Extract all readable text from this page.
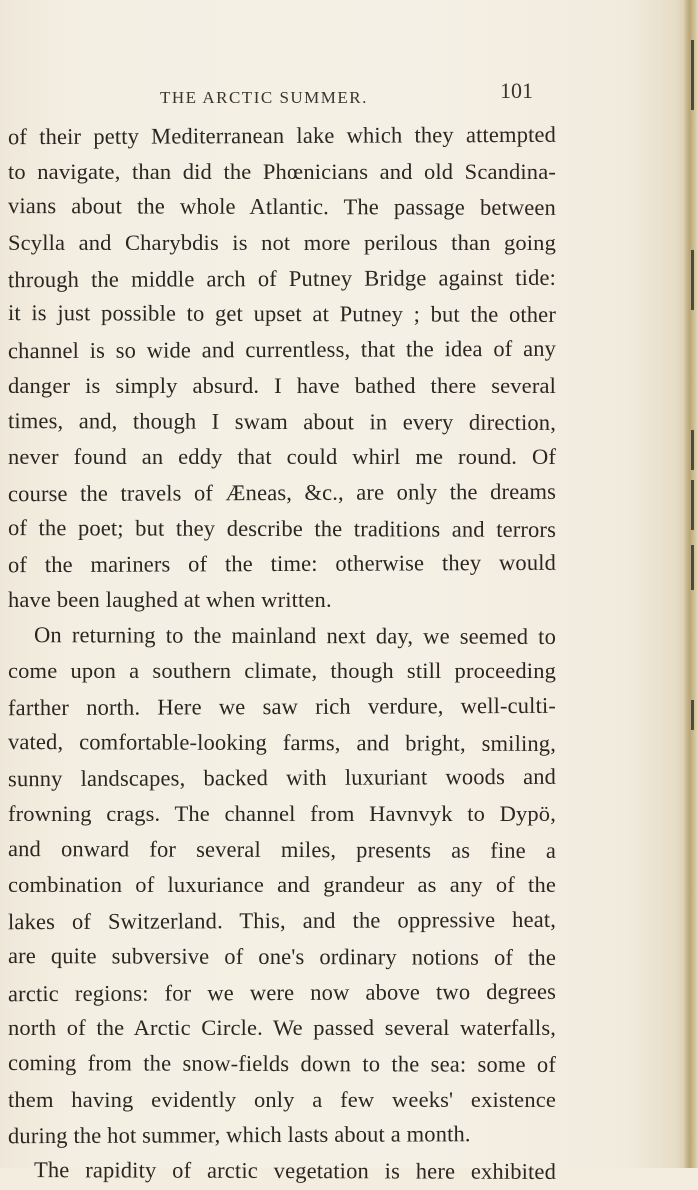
THE ARCTIC SUMMER.	101
of their petty Mediterranean lake which they attempted
to navigate, than did the Phœnicians and old Scandina-
vians about the whole Atlantic. The passage between
Scylla and Charybdis is not more perilous than going
through the middle arch of Putney Bridge against tide:
it is just possible to get upset at Putney ; but the other
channel is so wide and currentless, that the idea of any
danger is simply absurd. I have bathed there several
times, and, though I swam about in every direction,
never found an eddy that could whirl me round. Of
course the travels of Æneas, &c., are only the dreams
of the poet; but they describe the traditions and terrors
of the mariners of the time: otherwise they would
have been laughed at when written.
On returning to the mainland next day, we seemed to
come upon a southern climate, though still proceeding
farther north. Here we saw rich verdure, well-culti-
vated, comfortable-looking farms, and bright, smiling,
sunny landscapes, backed with luxuriant woods and
frowning crags. The channel from Havnvyk to Dypö,
and onward for several miles, presents as fine a
combination of luxuriance and grandeur as any of the
lakes of Switzerland. This, and the oppressive heat,
are quite subversive of one's ordinary notions of the
arctic regions: for we were now above two degrees
north of the Arctic Circle. We passed several waterfalls,
coming from the snow-fields down to the sea: some of
them having evidently only a few weeks' existence
during the hot summer, which lasts about a month.
The rapidity of arctic vegetation is here exhibited
